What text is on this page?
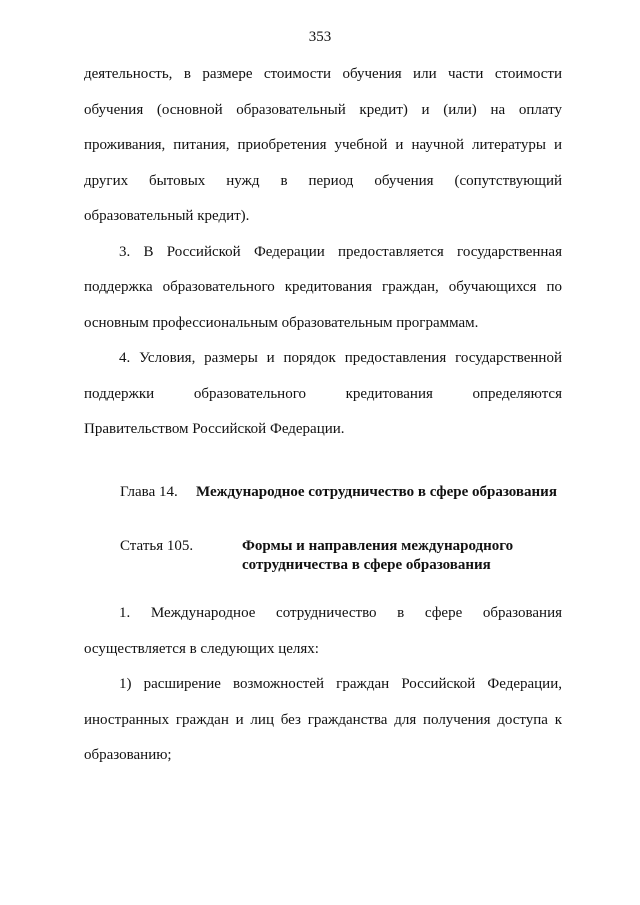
353

деятельность, в размере стоимости обучения или части стоимости обучения (основной образовательный кредит) и (или) на оплату проживания, питания, приобретения учебной и научной литературы и других бытовых нужд в период обучения (сопутствующий образовательный кредит).

3. В Российской Федерации предоставляется государственная поддержка образовательного кредитования граждан, обучающихся по основным профессиональным образовательным программам.

4. Условия, размеры и порядок предоставления государственной поддержки образовательного кредитования определяются Правительством Российской Федерации.

Глава 14. Международное сотрудничество в сфере образования
Статья 105.	Формы и направления международного сотрудничества в сфере образования

1. Международное сотрудничество в сфере образования осуществляется в следующих целях:

1) расширение возможностей граждан Российской Федерации, иностранных граждан и лиц без гражданства для получения доступа к образованию;
